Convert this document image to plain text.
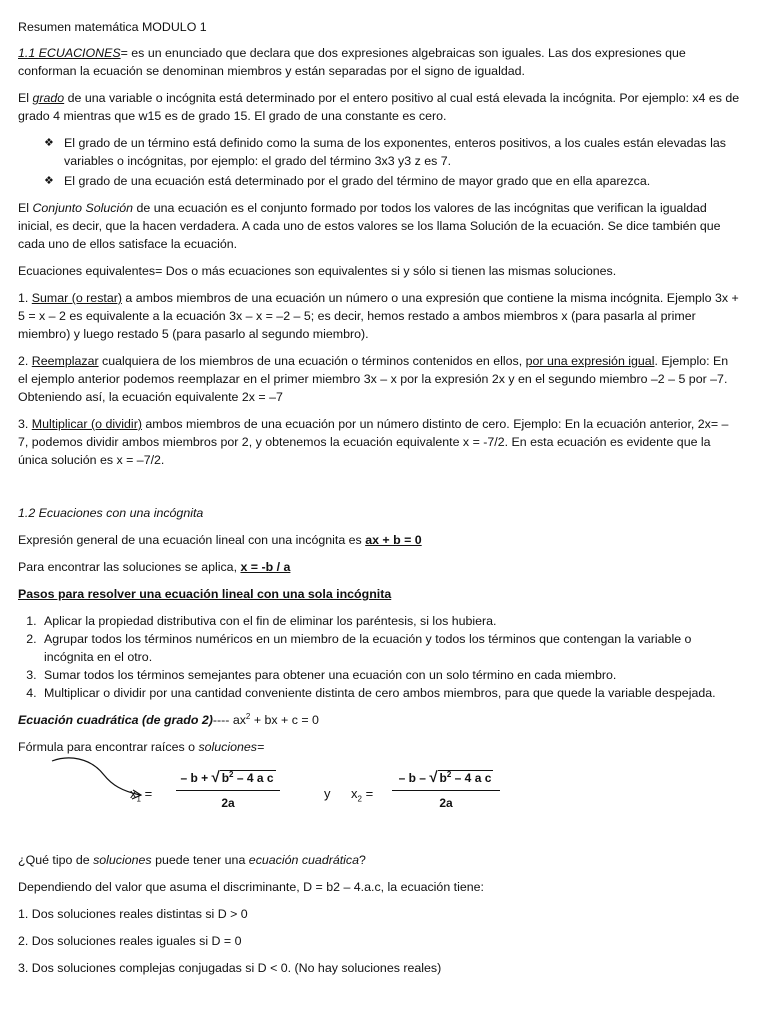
Resumen matemática MODULO 1

1.1 ECUACIONES= es un enunciado que declara que dos expresiones algebraicas son iguales. Las dos expresiones que conforman la ecuación se denominan miembros y están separadas por el signo de igualdad.

El grado de una variable o incógnita está determinado por el entero positivo al cual está elevada la incógnita. Por ejemplo: x4 es de grado 4 mientras que w15 es de grado 15. El grado de una constante es cero.

❖ El grado de un término está definido como la suma de los exponentes, enteros positivos, a los cuales están elevadas las variables o incógnitas, por ejemplo: el grado del término 3x3 y3 z es 7.
❖ El grado de una ecuación está determinado por el grado del término de mayor grado que en ella aparezca.

El Conjunto Solución de una ecuación es el conjunto formado por todos los valores de las incógnitas que verifican la igualdad inicial, es decir, que la hacen verdadera. A cada uno de estos valores se los llama Solución de la ecuación. Se dice también que cada uno de ellos satisface la ecuación.

Ecuaciones equivalentes= Dos o más ecuaciones son equivalentes si y sólo si tienen las mismas soluciones.

1. Sumar (o restar) a ambos miembros de una ecuación un número o una expresión que contiene la misma incógnita. Ejemplo 3x + 5 = x – 2 es equivalente a la ecuación 3x – x = –2 – 5; es decir, hemos restado a ambos miembros x (para pasarla al primer miembro) y luego restado 5 (para pasarlo al segundo miembro).

2. Reemplazar cualquiera de los miembros de una ecuación o términos contenidos en ellos, por una expresión igual. Ejemplo: En el ejemplo anterior podemos reemplazar en el primer miembro 3x – x por la expresión 2x y en el segundo miembro –2 – 5 por –7. Obteniendo así, la ecuación equivalente 2x = –7

3. Multiplicar (o dividir) ambos miembros de una ecuación por un número distinto de cero. Ejemplo: En la ecuación anterior, 2x= – 7, podemos dividir ambos miembros por 2, y obtenemos la ecuación equivalente x = -7/2. En esta ecuación es evidente que la única solución es x = –7/2.

1.2 Ecuaciones con una incógnita

Expresión general de una ecuación lineal con una incógnita es ax + b = 0

Para encontrar las soluciones se aplica, x = -b / a

Pasos para resolver una ecuación lineal con una sola incógnita

1. Aplicar la propiedad distributiva con el fin de eliminar los paréntesis, si los hubiera.
2. Agrupar todos los términos numéricos en un miembro de la ecuación y todos los términos que contengan la variable o incógnita en el otro.
3. Sumar todos los términos semejantes para obtener una ecuación con un solo término en cada miembro.
4. Multiplicar o dividir por una cantidad conveniente distinta de cero ambos miembros, para que quede la variable despejada.

Ecuación cuadrática (de grado 2)---- $ax^2$ + bx + c = 0

Fórmula para encontrar raíces o soluciones=

$x_1 = \frac{- b + √ b^2 - 4 a c}{2a}$	y $x_2 = \frac{- b - √ b^2 - 4 a c}{2a}$

¿Qué tipo de soluciones puede tener una ecuación cuadrática?

Dependiendo del valor que asuma el discriminante, D = b2 – 4.a.c, la ecuación tiene:

1. Dos soluciones reales distintas si D > 0

2. Dos soluciones reales iguales si D = 0

3. Dos soluciones complejas conjugadas si D < 0. (No hay soluciones reales)
